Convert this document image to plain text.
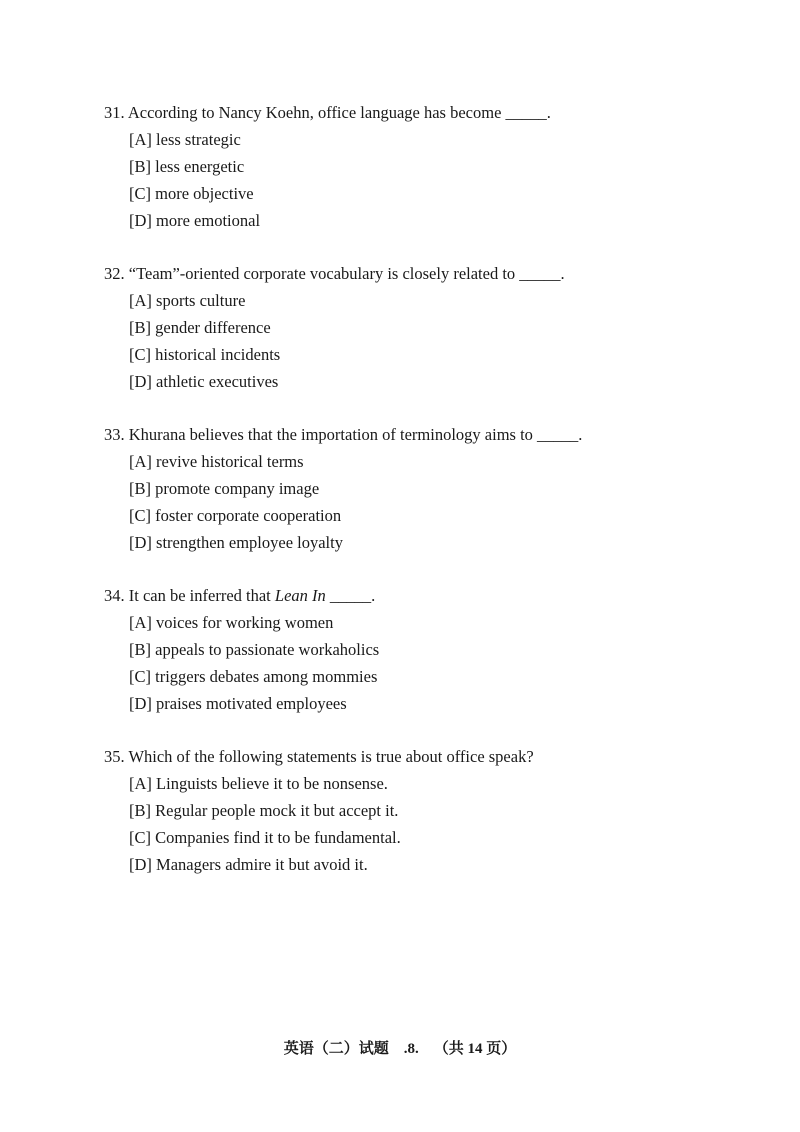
31. According to Nancy Koehn, office language has become _____.
[A] less strategic
[B] less energetic
[C] more objective
[D] more emotional
32. “Team”-oriented corporate vocabulary is closely related to _____.
[A] sports culture
[B] gender difference
[C] historical incidents
[D] athletic executives
33. Khurana believes that the importation of terminology aims to _____.
[A] revive historical terms
[B] promote company image
[C] foster corporate cooperation
[D] strengthen employee loyalty
34. It can be inferred that Lean In _____.
[A] voices for working women
[B] appeals to passionate workaholics
[C] triggers debates among mommies
[D] praises motivated employees
35. Which of the following statements is true about office speak?
[A] Linguists believe it to be nonsense.
[B] Regular people mock it but accept it.
[C] Companies find it to be fundamental.
[D] Managers admire it but avoid it.
英语（二）试题    .8.    （共 14 页）
